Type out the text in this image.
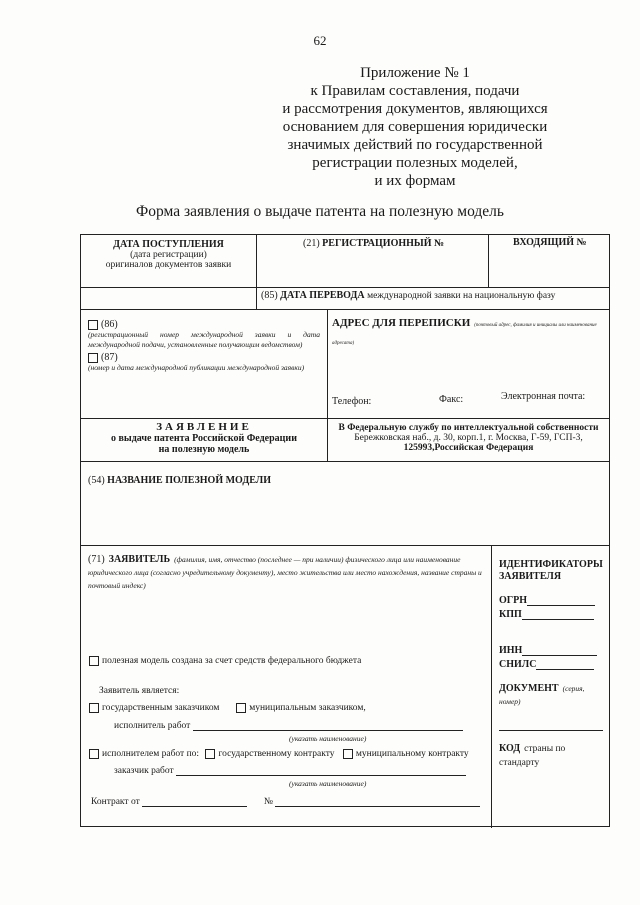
62
Приложение № 1
к Правилам составления, подачи
и рассмотрения документов, являющихся
основанием для совершения юридически
значимых действий по государственной
регистрации полезных моделей,
и их формам
Форма заявления о выдаче патента на полезную модель
ДАТА ПОСТУПЛЕНИЯ
(дата регистрации)
оригиналов документов заявки
(21) РЕГИСТРАЦИОННЫЙ №	ВХОДЯЩИЙ №
(85) ДАТА ПЕРЕВОДА международной заявки на национальную фазу
(86)
(регистрационный номер международной заявки и дата международной подачи, установленные получающим ведомством)
(87)
(номер и дата международной публикации международной заявки)
АДРЕС ДЛЯ ПЕРЕПИСКИ (почтовый адрес, фамилия и инициалы или наименование адресата)
Телефон:	Факс:	Электронная почта:
ЗАЯВЛЕНИЕ
о выдаче патента Российской Федерации
на полезную модель
В Федеральную службу по интеллектуальной собственности
Бережковская наб., д. 30, корп.1, г. Москва, Г-59, ГСП-3,
125993,Российская Федерация
(54) НАЗВАНИЕ ПОЛЕЗНОЙ МОДЕЛИ
(71) ЗАЯВИТЕЛЬ (фамилия, имя, отчество (последнее — при наличии) физического лица или наименование юридического лица (согласно учредительному документу), место жительства или место нахождения, название страны и почтовый индекс)
полезная модель создана за счет средств федерального бюджета
Заявитель является:
государственным заказчиком	муниципальным заказчиком,
исполнитель работ
(указать наименование)
исполнителем работ по: государственному контракту муниципальному контракту
заказчик работ
(указать наименование)
Контракт от	№
ИДЕНТИФИКАТОРЫ
ЗАЯВИТЕЛЯ
ОГРН
КПП
ИНН
СНИЛС
ДОКУМЕНТ (серия, номер)
КОД страны по стандарту
